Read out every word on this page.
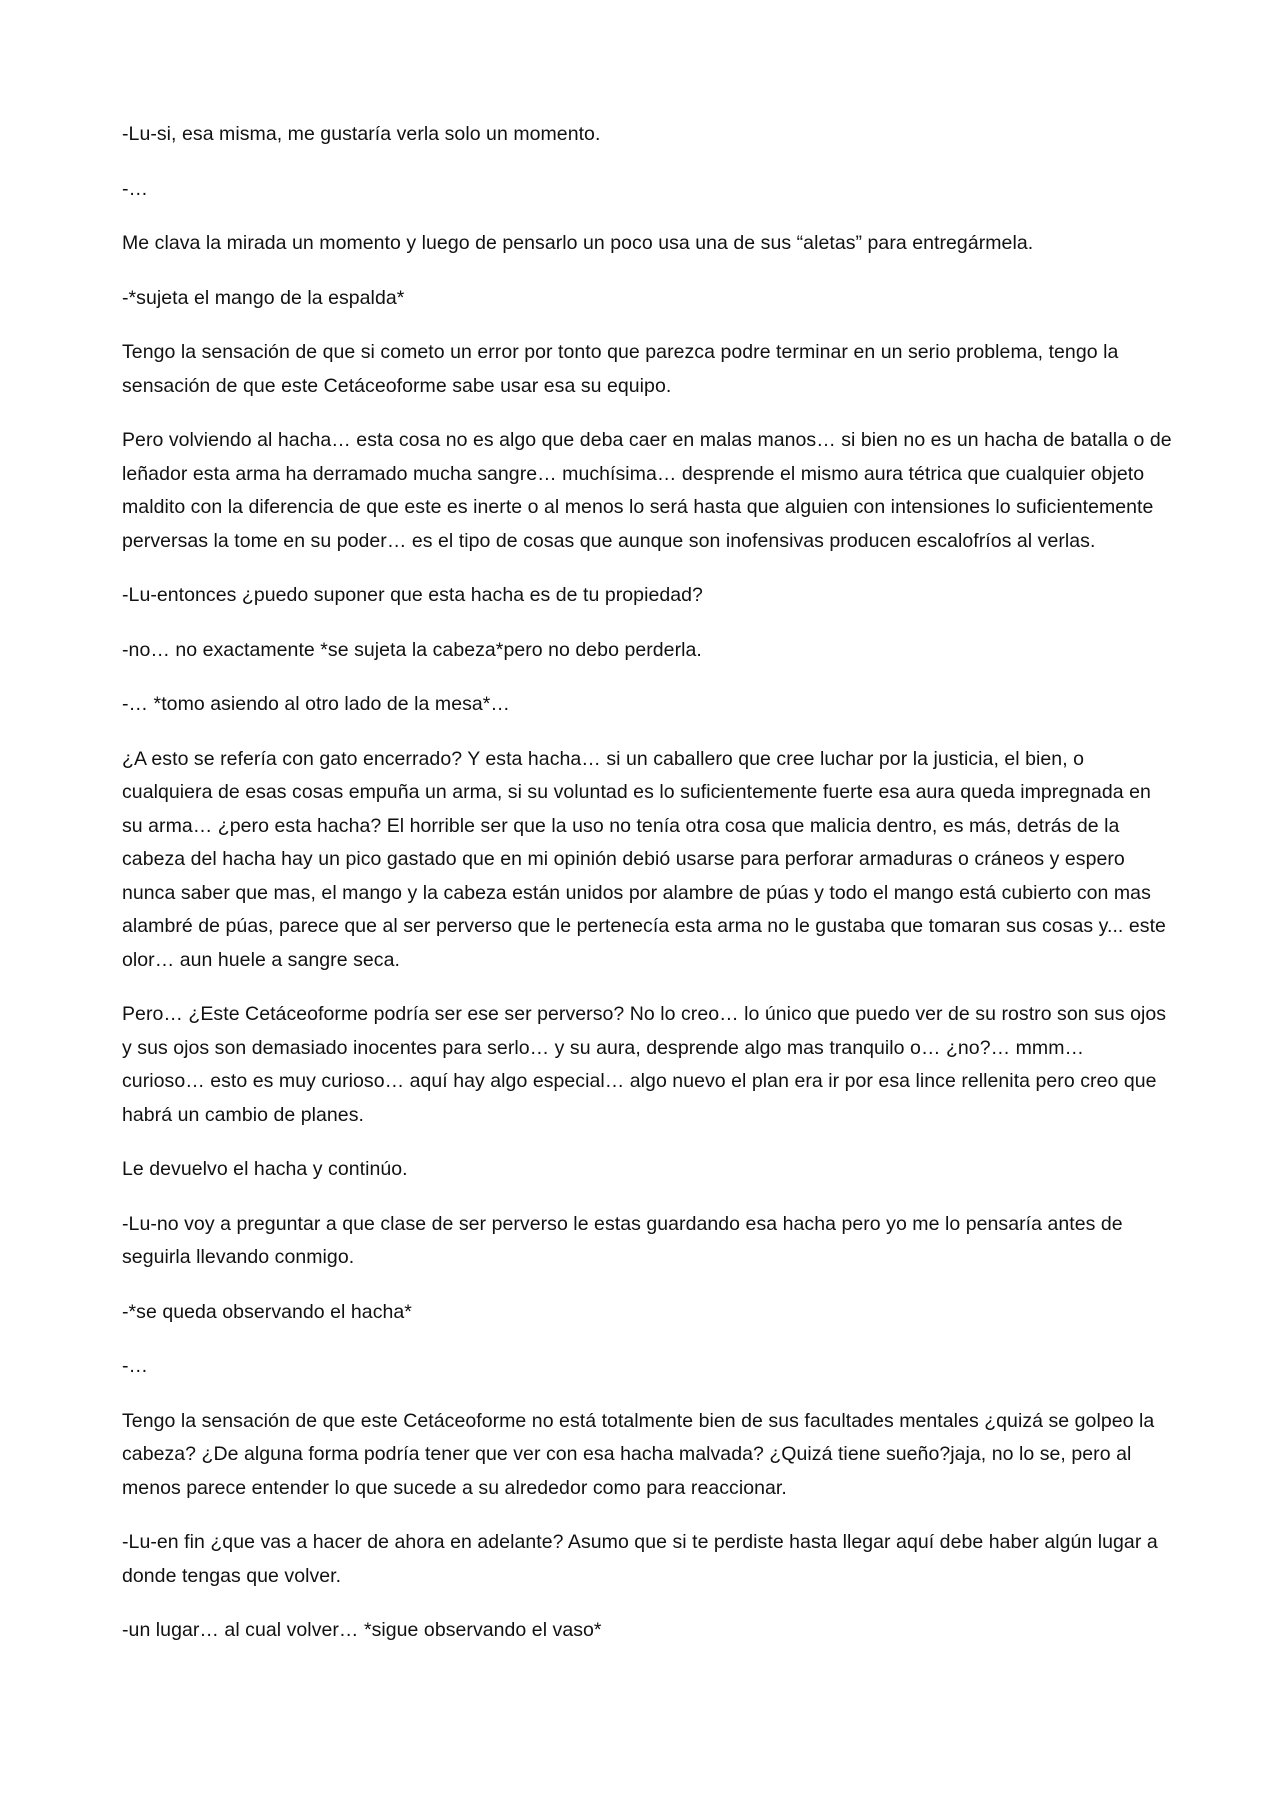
-Lu-si, esa misma, me gustaría verla solo un momento.

-…

Me clava la mirada un momento y luego de pensarlo un poco usa una de sus “aletas” para entregármela.

-*sujeta el mango de la espalda*

Tengo la sensación de que si cometo un error por tonto que parezca podre terminar en un serio problema, tengo la sensación de que este Cetáceoforme sabe usar esa su equipo.

Pero volviendo al hacha… esta cosa no es algo que deba caer en malas manos… si bien no es un hacha de batalla o de leñador esta arma ha derramado mucha sangre… muchísima… desprende el mismo aura tétrica que cualquier objeto maldito con la diferencia de que este es inerte o al menos lo será hasta que alguien con intensiones lo suficientemente perversas la tome en su poder… es el tipo de cosas que aunque son inofensivas producen escalofríos al verlas.

-Lu-entonces ¿puedo suponer que esta hacha es de tu propiedad?

-no… no exactamente *se sujeta la cabeza*pero no debo perderla.

-… *tomo asiendo al otro lado de la mesa*…

¿A esto se refería con gato encerrado? Y esta hacha… si un caballero que cree luchar por la justicia, el bien, o cualquiera de esas cosas empuña un arma, si su voluntad es lo suficientemente fuerte esa aura queda impregnada en su arma… ¿pero esta hacha? El horrible ser que la uso no tenía otra cosa que malicia dentro, es más, detrás de la cabeza del hacha hay un pico gastado que en mi opinión debió usarse para perforar armaduras o cráneos y espero nunca saber que mas, el mango y la cabeza están unidos por alambre de púas y todo el mango está cubierto con mas alambré de púas, parece que al ser perverso que le pertenecía esta arma no le gustaba que tomaran sus cosas y... este olor… aun huele a sangre seca.

Pero… ¿Este Cetáceoforme podría ser ese ser perverso? No lo creo… lo único que puedo ver de su rostro son sus ojos y sus ojos son demasiado inocentes para serlo… y su aura, desprende algo mas tranquilo o… ¿no?… mmm… curioso… esto es muy curioso… aquí hay algo especial… algo nuevo el plan era ir por esa lince rellenita pero creo que habrá un cambio de planes.

Le devuelvo el hacha y continúo.

-Lu-no voy a preguntar a que clase de ser perverso le estas guardando esa hacha pero yo me lo pensaría antes de seguirla llevando conmigo.

-*se queda observando el hacha*

-…

Tengo la sensación de que este Cetáceoforme no está totalmente bien de sus facultades mentales ¿quizá se golpeo la cabeza? ¿De alguna forma podría tener que ver con esa hacha malvada? ¿Quizá tiene sueño?jaja, no lo se, pero al menos parece entender lo que sucede a su alrededor como para reaccionar.

-Lu-en fin ¿que vas a hacer de ahora en adelante? Asumo que si te perdiste hasta llegar aquí debe haber algún lugar a donde tengas que volver.

-un lugar… al cual volver… *sigue observando el vaso*
